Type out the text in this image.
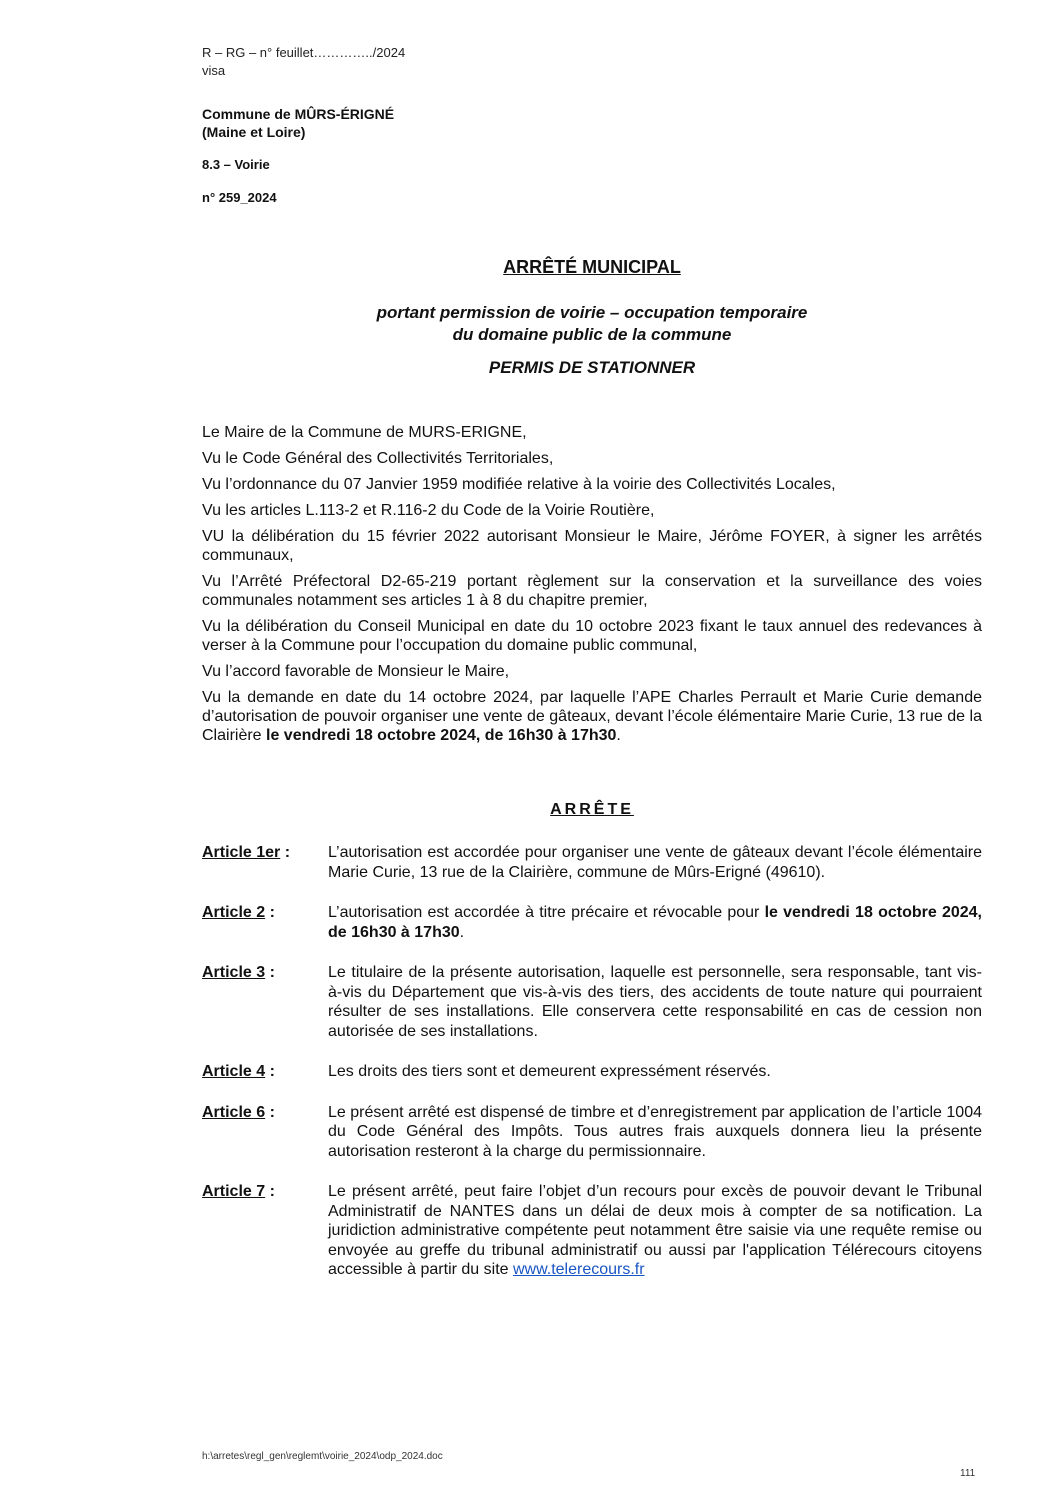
R – RG – n° feuillet…………../2024
visa
Commune de MÛRS-ÉRIGNÉ
(Maine et Loire)
8.3 – Voirie
n° 259_2024
ARRÊTÉ MUNICIPAL
portant permission de voirie – occupation temporaire
du domaine public de la commune
PERMIS DE STATIONNER

Le Maire de la Commune de MURS-ERIGNE,

Vu le Code Général des Collectivités Territoriales,

Vu l’ordonnance du 07 Janvier 1959 modifiée relative à la voirie des Collectivités Locales,

Vu les articles L.113-2 et R.116-2 du Code de la Voirie Routière,

VU la délibération du 15 février 2022 autorisant Monsieur le Maire, Jérôme FOYER, à signer les arrêtés communaux,

Vu l’Arrêté Préfectoral D2-65-219 portant règlement sur la conservation et la surveillance des voies communales notamment ses articles 1 à 8 du chapitre premier,

Vu la délibération du Conseil Municipal en date du 10 octobre 2023 fixant le taux annuel des redevances à verser à la Commune pour l’occupation du domaine public communal,

Vu l’accord favorable de Monsieur le Maire,

Vu la demande en date du 14 octobre 2024, par laquelle l’APE Charles Perrault et Marie Curie demande d’autorisation de pouvoir organiser une vente de gâteaux, devant l’école élémentaire Marie Curie, 13 rue de la Clairière le vendredi 18 octobre 2024, de 16h30 à 17h30.

ARRÊTE
Article 1er :	L’autorisation est accordée pour organiser une vente de gâteaux devant l’école élémentaire Marie Curie, 13 rue de la Clairière, commune de Mûrs-Erigné (49610).
Article 2 :	L’autorisation est accordée à titre précaire et révocable pour le vendredi 18 octobre 2024, de 16h30 à 17h30.
Article 3 :	Le titulaire de la présente autorisation, laquelle est personnelle, sera responsable, tant vis-à-vis du Département que vis-à-vis des tiers, des accidents de toute nature qui pourraient résulter de ses installations. Elle conservera cette responsabilité en cas de cession non autorisée de ses installations.
Article 4 :	Les droits des tiers sont et demeurent expressément réservés.
Article 6 :	Le présent arrêté est dispensé de timbre et d’enregistrement par application de l’article 1004 du Code Général des Impôts. Tous autres frais auxquels donnera lieu la présente autorisation resteront à la charge du permissionnaire.
Article 7 :	Le présent arrêté, peut faire l’objet d’un recours pour excès de pouvoir devant le Tribunal Administratif de NANTES dans un délai de deux mois à compter de sa notification. La juridiction administrative compétente peut notamment être saisie via une requête remise ou envoyée au greffe du tribunal administratif ou aussi par l'application Télérecours citoyens accessible à partir du site www.telerecours.fr
h:\arretes\regl_gen\reglemt\voirie_2024\odp_2024.doc
111
